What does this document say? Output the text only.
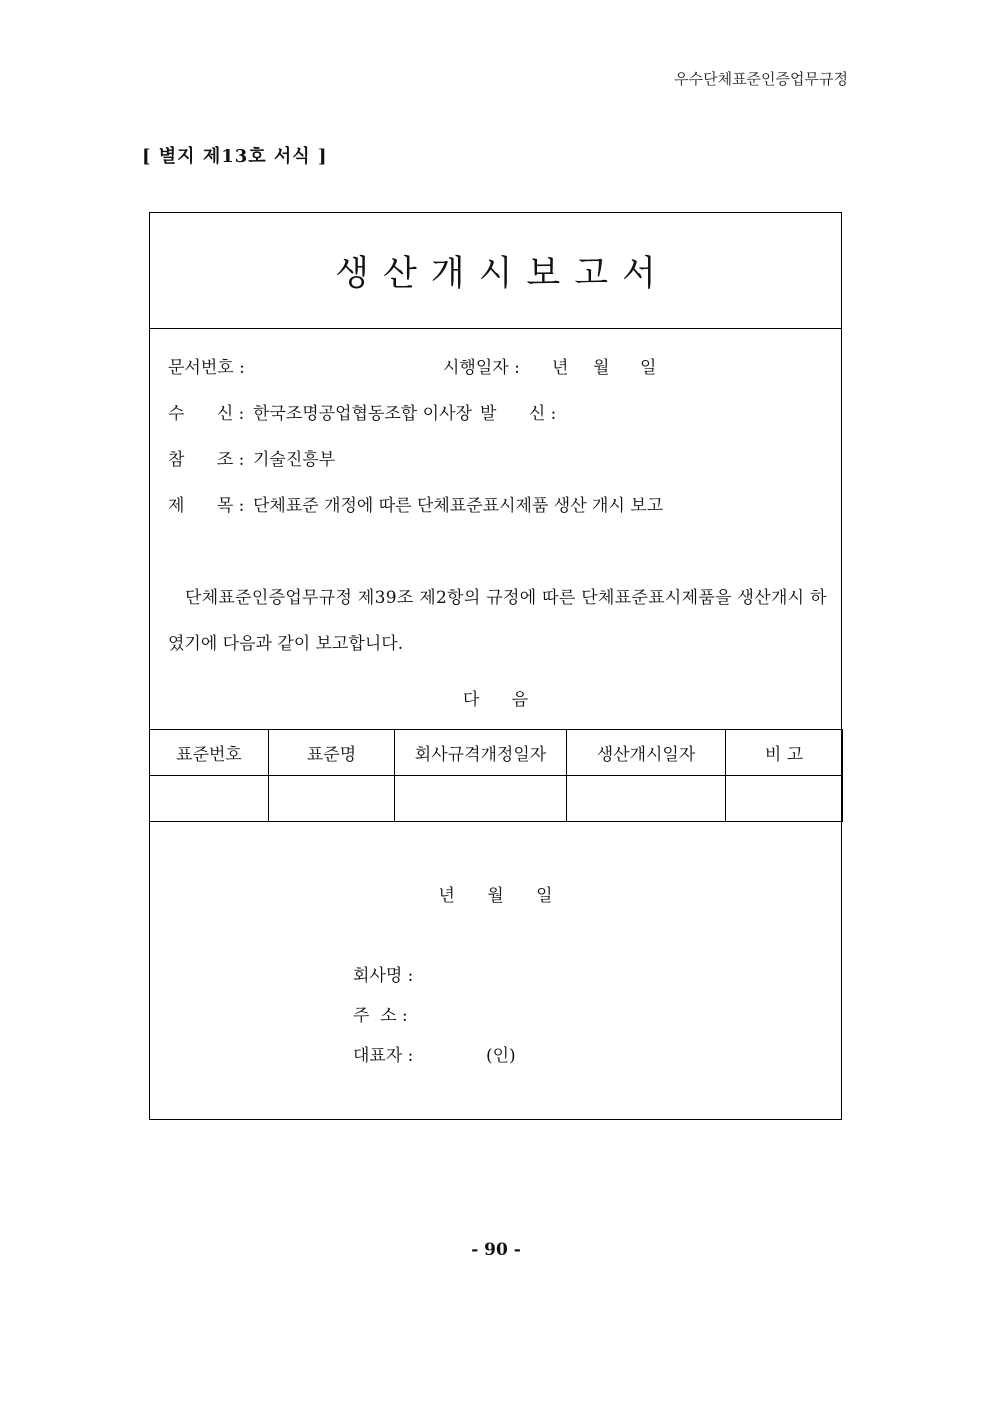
우수단체표준인증업무규정
[ 별지 제13호 서식 ]
생산개시보고서
문서번호 :	시행일자 : 년 월 일
수      신 : 한국조명공업협동조합 이사장 발      신 :
참      조 : 기술진흥부
제      목 : 단체표준 개정에 따른 단체표준표시제품 생산 개시 보고
단체표준인증업무규정 제39조 제2항의 규정에 따른 단체표준표시제품을 생산개시 하
였기에 다음과 같이 보고합니다.
다      음
표준번호	표준명	회사규격개정일자	생산개시일자	비 고

년      월      일
회사명 :
주  소 :
대표자 :	(인)
- 90 -
